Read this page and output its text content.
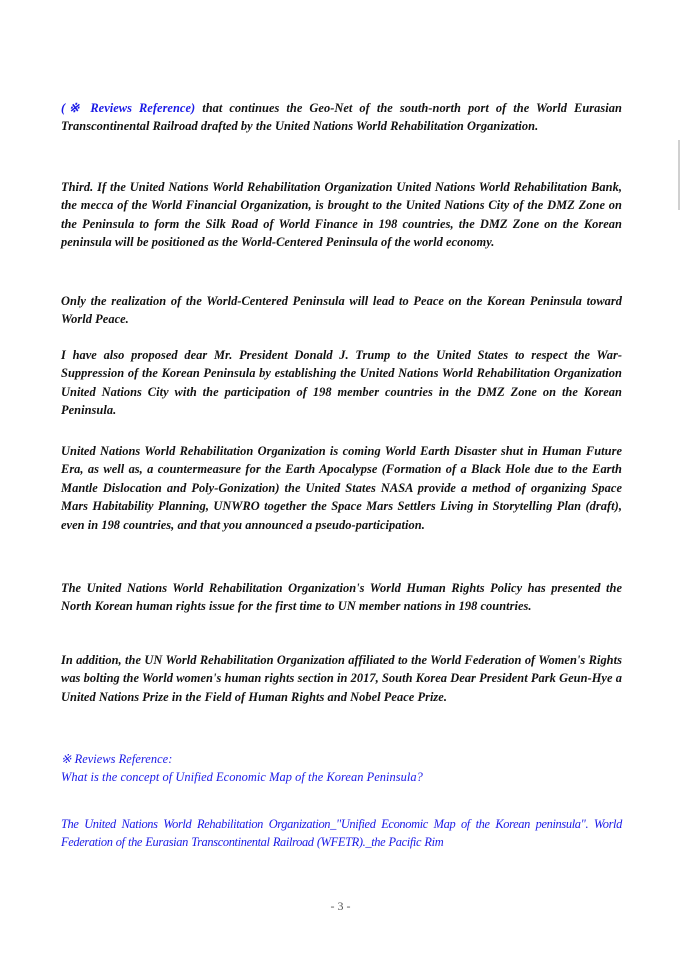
(※ Reviews Reference) that continues the Geo-Net of the south-north port of the World Eurasian Transcontinental Railroad drafted by the United Nations World Rehabilitation Organization.

Third. If the United Nations World Rehabilitation Organization United Nations World Rehabilitation Bank, the mecca of the World Financial Organization, is brought to the United Nations City of the DMZ Zone on the Peninsula to form the Silk Road of World Finance in 198 countries, the DMZ Zone on the Korean peninsula will be positioned as the World-Centered Peninsula of the world economy.

Only the realization of the World-Centered Peninsula will lead to Peace on the Korean Peninsula toward World Peace.

I have also proposed dear Mr. President Donald J. Trump to the United States to respect the War-Suppression of the Korean Peninsula by establishing the United Nations World Rehabilitation Organization United Nations City with the participation of 198 member countries in the DMZ Zone on the Korean Peninsula.

United Nations World Rehabilitation Organization is coming World Earth Disaster shut in Human Future Era, as well as, a countermeasure for the Earth Apocalypse (Formation of a Black Hole due to the Earth Mantle Dislocation and Poly-Gonization) the United States NASA provide a method of organizing Space Mars Habitability Planning, UNWRO together the Space Mars Settlers Living in Storytelling Plan (draft), even in 198 countries, and that you announced a pseudo-participation.

The United Nations World Rehabilitation Organization's World Human Rights Policy has presented the North Korean human rights issue for the first time to UN member nations in 198 countries.

In addition, the UN World Rehabilitation Organization affiliated to the World Federation of Women's Rights was bolting the World women's human rights section in 2017, South Korea Dear President Park Geun-Hye a United Nations Prize in the Field of Human Rights and Nobel Peace Prize.

※ Reviews Reference:
What is the concept of Unified Economic Map of the Korean Peninsula?

The United Nations World Rehabilitation Organization_"Unified Economic Map of the Korean peninsula". World Federation of the Eurasian Transcontinental Railroad (WFETR)._the Pacific Rim

- 3 -
